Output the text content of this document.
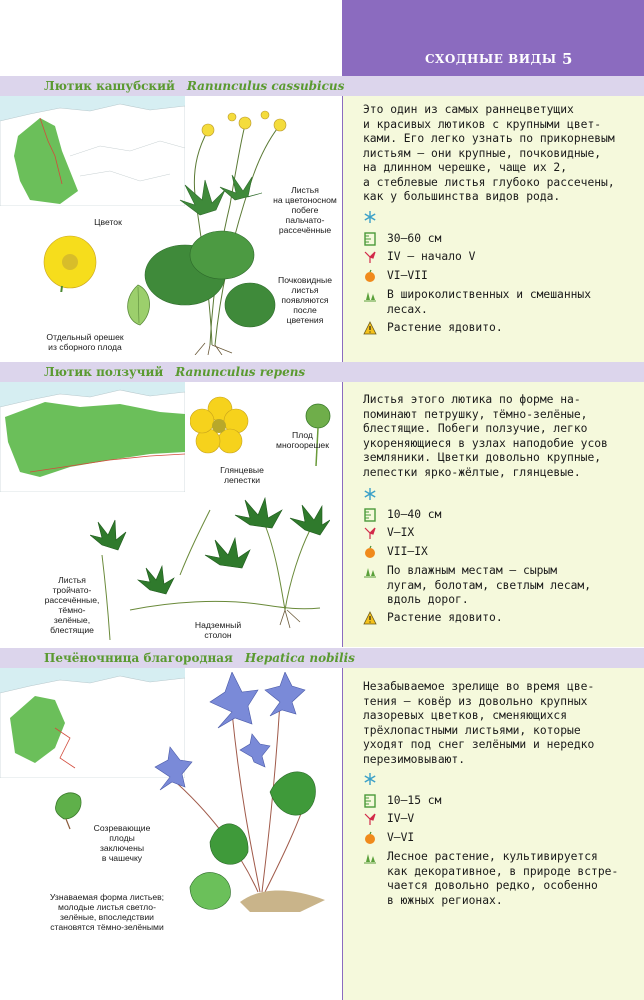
СХОДНЫЕ ВИДЫ 5
Лютик кашубский Ranunculus cassubicus
Цветок
Отдельный орешек
из сборного плода
Листья
на цветоносном
побеге
пальчато-
рассечённые
Почковидные
листья
появляются
после
цветения
Это один из самых раннецветущих
и красивых лютиков с крупными цвет-
ками. Его легко узнать по прикорневым
листьям — они крупные, почковидные,
на длинном черешке, чаще их 2,
а стеблевые листья глубоко рассечены,
как у большинства видов рода.
30–60 см
IV — начало V
VI–VII
В широколиственных и смешанных
лесах.
Растение ядовито.
Лютик ползучий Ranunculus repens
Плод
многоорешек
Глянцевые
лепестки
Листья
тройчато-
рассечённые,
тёмно-
зелёные,
блестящие	Надземный
столон
Листья этого лютика по форме на-
поминают петрушку, тёмно-зелёные,
блестящие. Побеги ползучие, легко
укореняющиеся в узлах наподобие усов
земляники. Цветки довольно крупные,
лепестки ярко-жёлтые, глянцевые.
10–40 см
V–IX
VII–IX
По влажным местам — сырым
лугам, болотам, светлым лесам,
вдоль дорог.
Растение ядовито.
Печёночница благородная Hepatica nobilis
Созревающие
плоды
заключены
в чашечку
Узнаваемая форма листьев;
молодые листья светло-
зелёные, впоследствии
становятся тёмно-зелёными
Незабываемое зрелище во время цве-
тения — ковёр из довольно крупных
лазоревых цветков, сменяющихся
трёхлопастными листьями, которые
уходят под снег зелёными и нередко
перезимовывают.
10–15 см
IV–V
V–VI
Лесное растение, культивируется
как декоративное, в природе встре-
чается довольно редко, особенно
в южных регионах.
